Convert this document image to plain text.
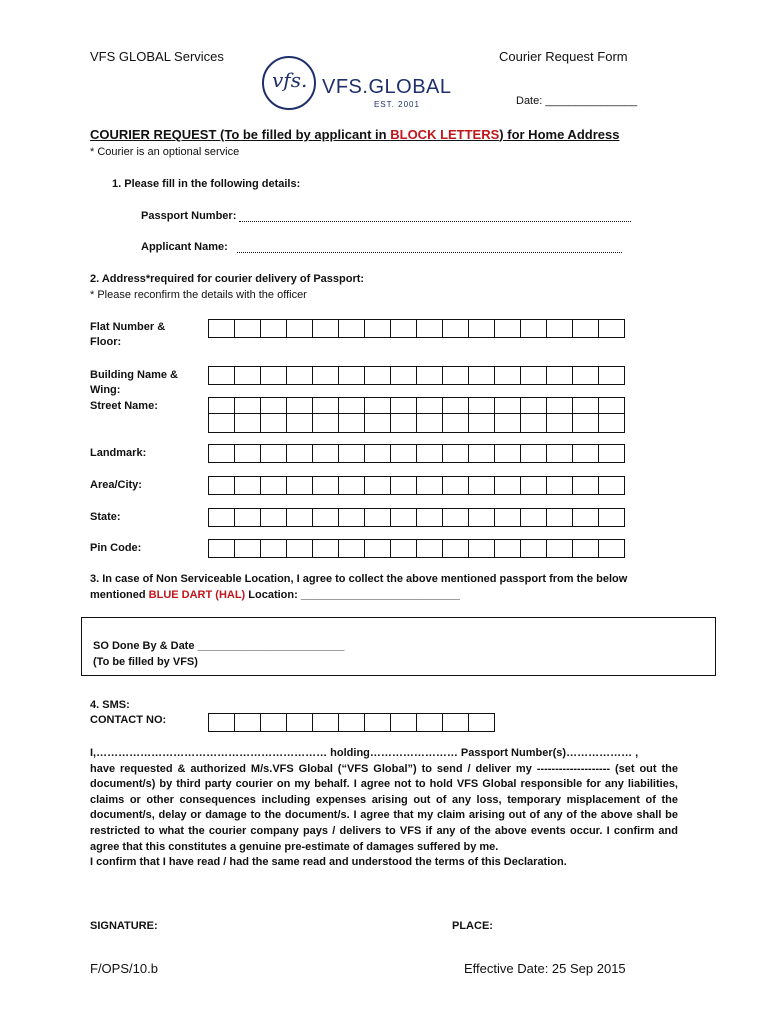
VFS GLOBAL Services	Courier Request Form
vfs. VFS.GLOBAL
EST. 2001	Date: _______________
COURIER REQUEST (To be filled by applicant in BLOCK LETTERS) for Home Address
* Courier is an optional service
1. Please fill in the following details:
Passport Number:
Applicant Name:
2. Address*required for courier delivery of Passport:
* Please reconfirm the details with the officer
Flat Number &
Floor:
Building Name &
Wing:
Street Name:
Landmark:
Area/City:
State:
Pin Code:
3. In case of Non Serviceable Location, I agree to collect the above mentioned passport from the below
mentioned BLUE DART (HAL) Location: __________________________
SO Done By & Date ________________________
(To be filled by VFS)
4. SMS:
CONTACT NO:
I,……………………………………………………… holding…………………… Passport Number(s)……………… ,
have requested & authorized M/s.VFS Global (“VFS Global”) to send / deliver my -------------------- (set out the document/s) by third party courier on my behalf. I agree not to hold VFS Global responsible for any liabilities, claims or other consequences including expenses arising out of any loss, temporary misplacement of the document/s, delay or damage to the document/s. I agree that my claim arising out of any of the above shall be restricted to what the courier company pays / delivers to VFS if any of the above events occur. I confirm and agree that this constitutes a genuine pre-estimate of damages suffered by me.
I confirm that I have read / had the same read and understood the terms of this Declaration.
SIGNATURE:	PLACE:
F/OPS/10.b	Effective Date: 25 Sep 2015
